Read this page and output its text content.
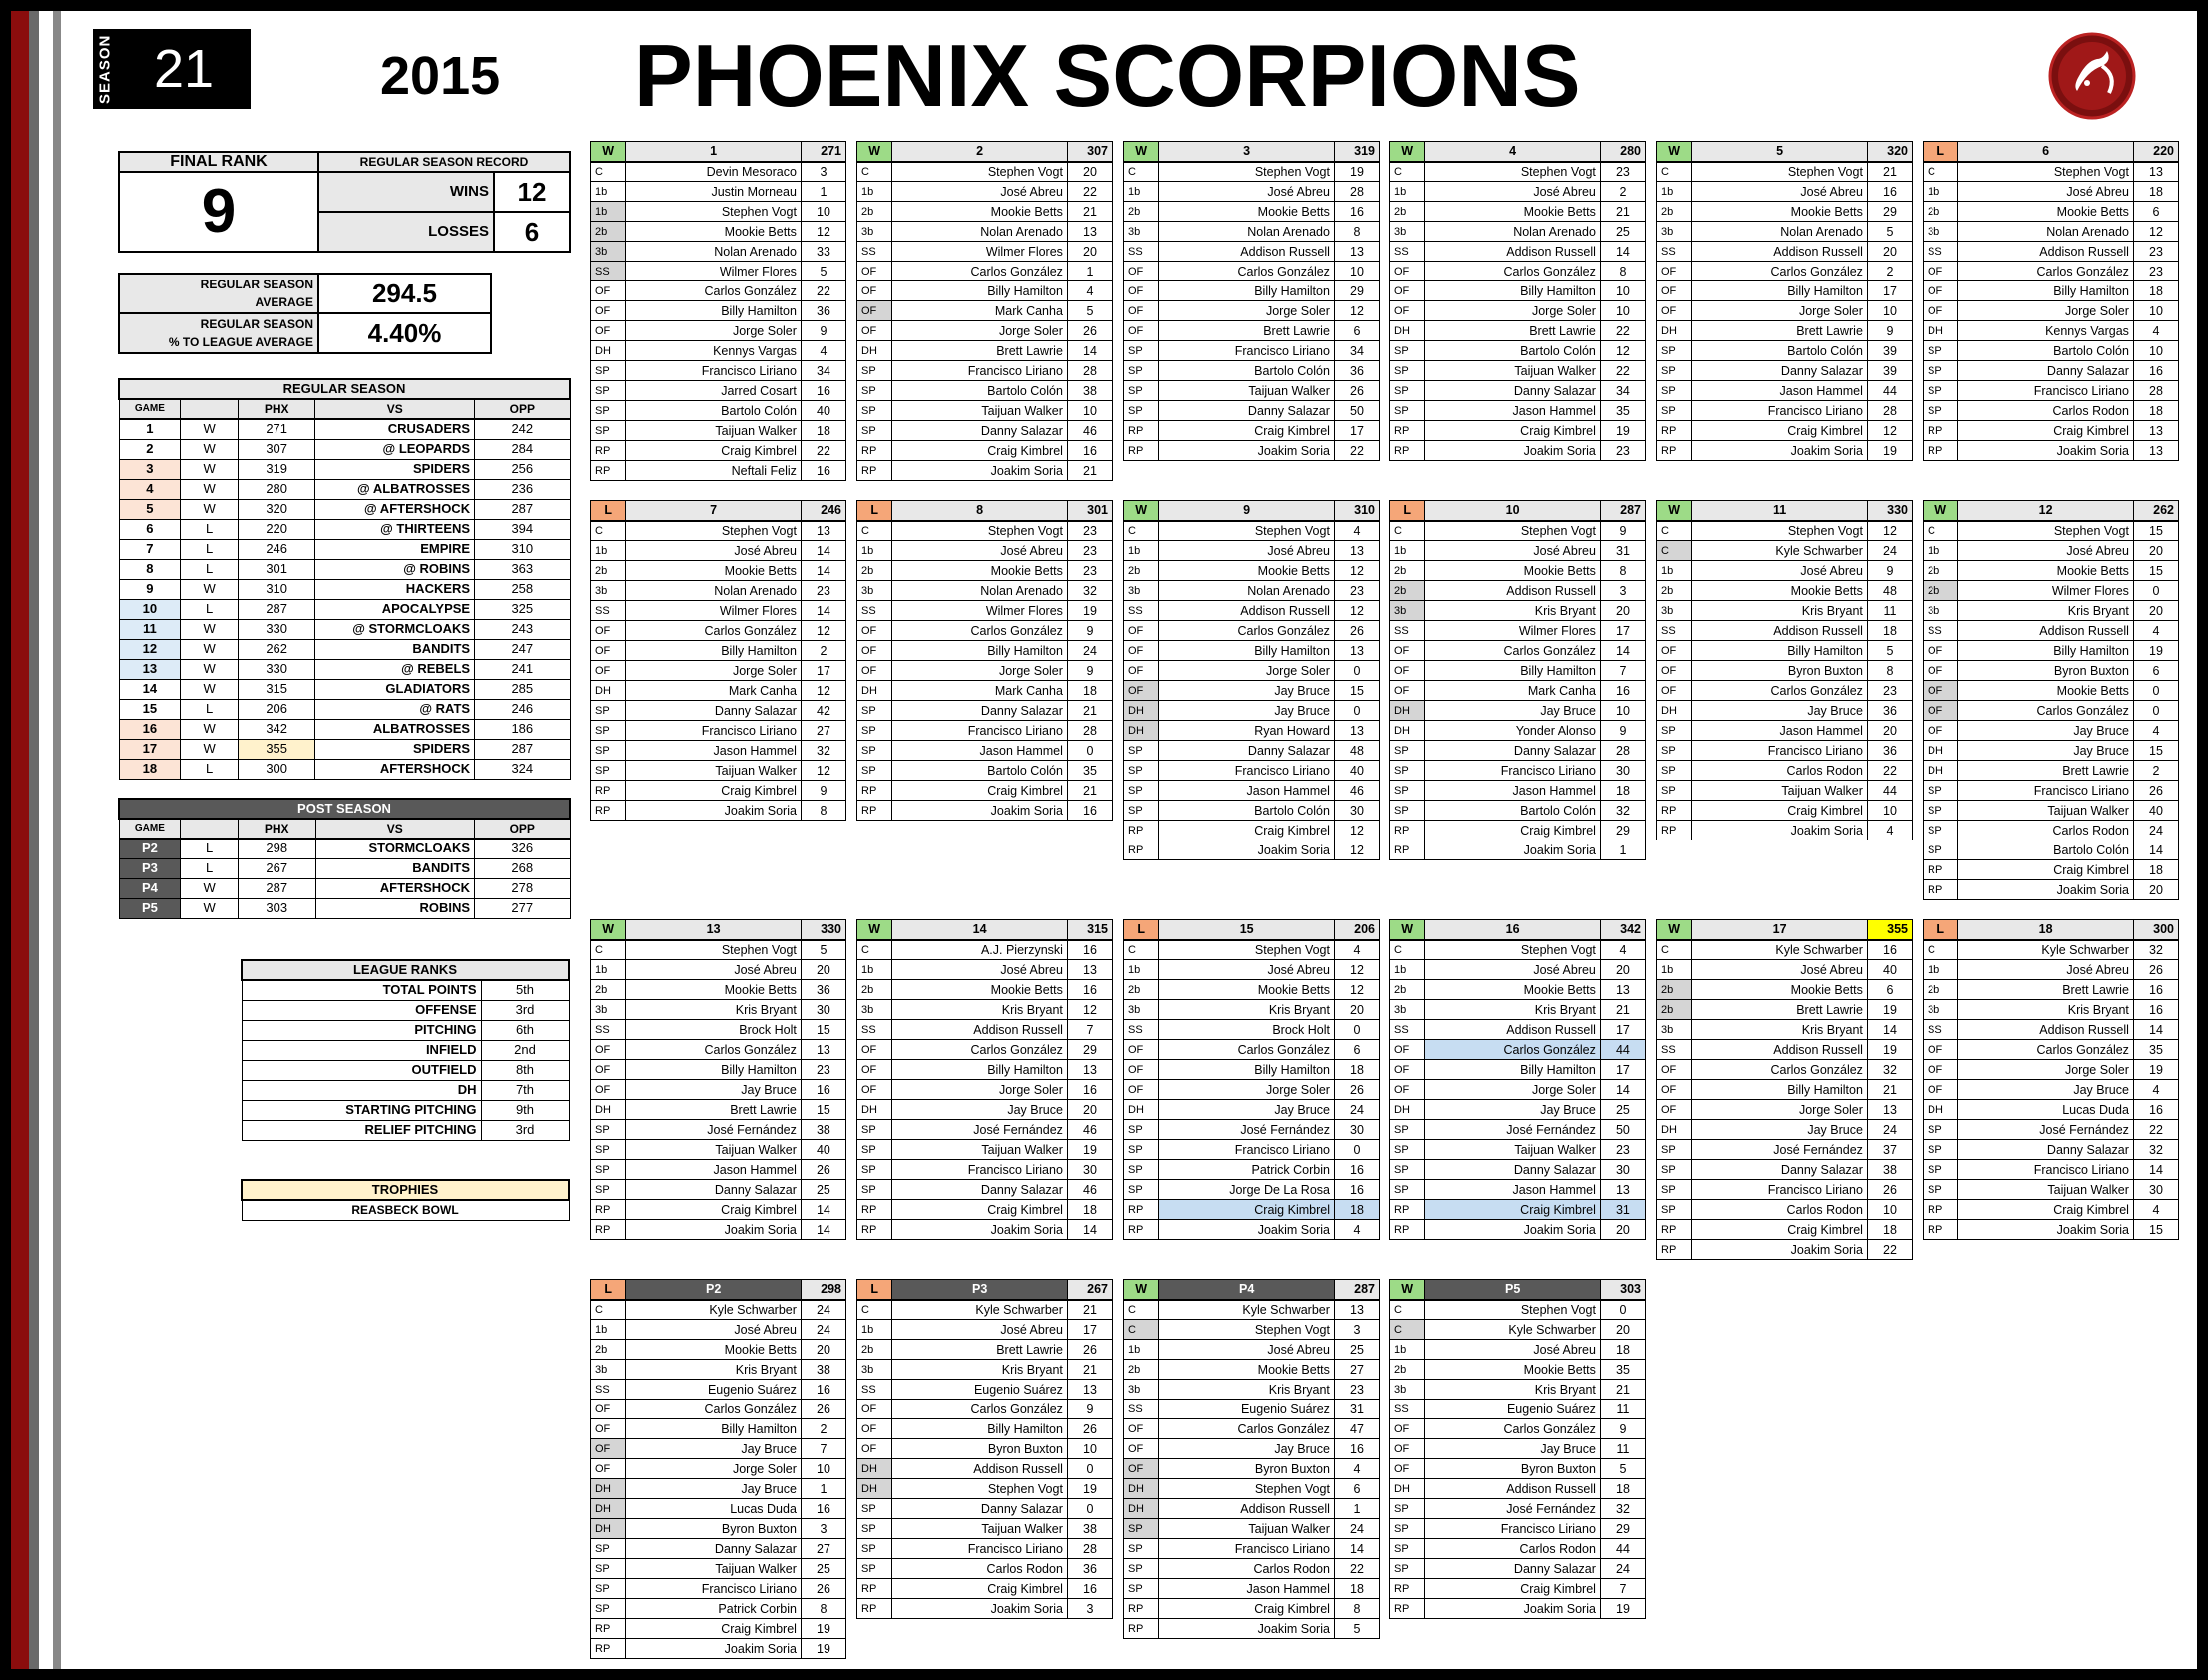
SEASON 21	2015 PHOENIX SCORPIONS
FINAL RANK	REGULAR SEASON RECORD	
9	WINS	12
	LOSSES	6
REGULAR SEASON
AVERAGE	294.5
REGULAR SEASON
% TO LEAGUE AVERAGE	4.40%
REGULAR SEASON				
GAME		PHX	VS	OPP
1	W	271	CRUSADERS	242
2	W	307	@ LEOPARDS	284
3	W	319	SPIDERS	256
4	W	280	@ ALBATROSSES	236
5	W	320	@ AFTERSHOCK	287
6	L	220	@ THIRTEENS	394
7	L	246	EMPIRE	310
8	L	301	@ ROBINS	363
9	W	310	HACKERS	258
10	L	287	APOCALYPSE	325
11	W	330	@ STORMCLOAKS	243
12	W	262	BANDITS	247
13	W	330	@ REBELS	241
14	W	315	GLADIATORS	285
15	L	206	@ RATS	246
16	W	342	ALBATROSSES	186
17	W	355	SPIDERS	287
18	L	300	AFTERSHOCK	324
POST SEASON				
GAME		PHX	VS	OPP
P2	L	298	STORMCLOAKS	326
P3	L	267	BANDITS	268
P4	W	287	AFTERSHOCK	278
P5	W	303	ROBINS	277
LEAGUE RANKS	
TOTAL POINTS	5th
OFFENSE	3rd
PITCHING	6th
INFIELD	2nd
OUTFIELD	8th
DH	7th
STARTING PITCHING	9th
RELIEF PITCHING	3rd
TROPHIES
REASBECK BOWL
W	1	271
C	Devin Mesoraco	3
1b	Justin Morneau	1
1b	Stephen Vogt	10
2b	Mookie Betts	12
3b	Nolan Arenado	33
SS	Wilmer Flores	5
OF	Carlos González	22
OF	Billy Hamilton	36
OF	Jorge Soler	9
DH	Kennys Vargas	4
SP	Francisco Liriano	34
SP	Jarred Cosart	16
SP	Bartolo Colón	40
SP	Taijuan Walker	18
RP	Craig Kimbrel	22
RP	Neftali Feliz	16
W	2	307
C	Stephen Vogt	20
1b	José Abreu	22
2b	Mookie Betts	21
3b	Nolan Arenado	13
SS	Wilmer Flores	20
OF	Carlos González	1
OF	Billy Hamilton	4
OF	Mark Canha	5
OF	Jorge Soler	26
DH	Brett Lawrie	14
SP	Francisco Liriano	28
SP	Bartolo Colón	38
SP	Taijuan Walker	10
SP	Danny Salazar	46
RP	Craig Kimbrel	16
RP	Joakim Soria	21
W	3	319
C	Stephen Vogt	19
1b	José Abreu	28
2b	Mookie Betts	16
3b	Nolan Arenado	8
SS	Addison Russell	13
OF	Carlos González	10
OF	Billy Hamilton	29
OF	Jorge Soler	12
OF	Brett Lawrie	6
SP	Francisco Liriano	34
SP	Bartolo Colón	36
SP	Taijuan Walker	26
SP	Danny Salazar	50
RP	Craig Kimbrel	17
RP	Joakim Soria	22
W	4	280
C	Stephen Vogt	23
1b	José Abreu	2
2b	Mookie Betts	21
3b	Nolan Arenado	25
SS	Addison Russell	14
OF	Carlos González	8
OF	Billy Hamilton	10
OF	Jorge Soler	10
DH	Brett Lawrie	22
SP	Bartolo Colón	12
SP	Taijuan Walker	22
SP	Danny Salazar	34
SP	Jason Hammel	35
RP	Craig Kimbrel	19
RP	Joakim Soria	23
W	5	320
C	Stephen Vogt	21
1b	José Abreu	16
2b	Mookie Betts	29
3b	Nolan Arenado	5
SS	Addison Russell	20
OF	Carlos González	2
OF	Billy Hamilton	17
OF	Jorge Soler	10
DH	Brett Lawrie	9
SP	Bartolo Colón	39
SP	Danny Salazar	39
SP	Jason Hammel	44
SP	Francisco Liriano	28
RP	Craig Kimbrel	12
RP	Joakim Soria	19
L	6	220
C	Stephen Vogt	13
1b	José Abreu	18
2b	Mookie Betts	6
3b	Nolan Arenado	12
SS	Addison Russell	23
OF	Carlos González	23
OF	Billy Hamilton	18
OF	Jorge Soler	10
DH	Kennys Vargas	4
SP	Bartolo Colón	10
SP	Danny Salazar	16
SP	Francisco Liriano	28
SP	Carlos Rodon	18
RP	Craig Kimbrel	13
RP	Joakim Soria	13
L	7	246
C	Stephen Vogt	13
1b	José Abreu	14
2b	Mookie Betts	14
3b	Nolan Arenado	23
SS	Wilmer Flores	14
OF	Carlos González	12
OF	Billy Hamilton	2
OF	Jorge Soler	17
DH	Mark Canha	12
SP	Danny Salazar	42
SP	Francisco Liriano	27
SP	Jason Hammel	32
SP	Taijuan Walker	12
RP	Craig Kimbrel	9
RP	Joakim Soria	8
L	8	301
C	Stephen Vogt	23
1b	José Abreu	23
2b	Mookie Betts	23
3b	Nolan Arenado	32
SS	Wilmer Flores	19
OF	Carlos González	9
OF	Billy Hamilton	24
OF	Jorge Soler	9
DH	Mark Canha	18
SP	Danny Salazar	21
SP	Francisco Liriano	28
SP	Jason Hammel	0
SP	Bartolo Colón	35
RP	Craig Kimbrel	21
RP	Joakim Soria	16
W	9	310
C	Stephen Vogt	4
1b	José Abreu	13
2b	Mookie Betts	12
3b	Nolan Arenado	23
SS	Addison Russell	12
OF	Carlos González	26
OF	Billy Hamilton	13
OF	Jorge Soler	0
OF	Jay Bruce	15
DH	Jay Bruce	0
DH	Ryan Howard	13
SP	Danny Salazar	48
SP	Francisco Liriano	40
SP	Jason Hammel	46
SP	Bartolo Colón	30
RP	Craig Kimbrel	12
RP	Joakim Soria	12
L	10	287
C	Stephen Vogt	9
1b	José Abreu	31
2b	Mookie Betts	8
2b	Addison Russell	3
3b	Kris Bryant	20
SS	Wilmer Flores	17
OF	Carlos González	14
OF	Billy Hamilton	7
OF	Mark Canha	16
DH	Jay Bruce	10
DH	Yonder Alonso	9
SP	Danny Salazar	28
SP	Francisco Liriano	30
SP	Jason Hammel	18
SP	Bartolo Colón	32
RP	Craig Kimbrel	29
RP	Joakim Soria	1
W	11	330
C	Stephen Vogt	12
C	Kyle Schwarber	24
1b	José Abreu	9
2b	Mookie Betts	48
3b	Kris Bryant	11
SS	Addison Russell	18
OF	Billy Hamilton	5
OF	Byron Buxton	8
OF	Carlos González	23
DH	Jay Bruce	36
SP	Jason Hammel	20
SP	Francisco Liriano	36
SP	Carlos Rodon	22
SP	Taijuan Walker	44
RP	Craig Kimbrel	10
RP	Joakim Soria	4
W	12	262
C	Stephen Vogt	15
1b	José Abreu	20
2b	Mookie Betts	15
2b	Wilmer Flores	0
3b	Kris Bryant	20
SS	Addison Russell	4
OF	Billy Hamilton	19
OF	Byron Buxton	6
OF	Mookie Betts	0
OF	Carlos González	0
OF	Jay Bruce	4
DH	Jay Bruce	15
DH	Brett Lawrie	2
SP	Francisco Liriano	26
SP	Taijuan Walker	40
SP	Carlos Rodon	24
SP	Bartolo Colón	14
RP	Craig Kimbrel	18
RP	Joakim Soria	20
W	13	330
C	Stephen Vogt	5
1b	José Abreu	20
2b	Mookie Betts	36
3b	Kris Bryant	30
SS	Brock Holt	15
OF	Carlos González	13
OF	Billy Hamilton	23
OF	Jay Bruce	16
DH	Brett Lawrie	15
SP	José Fernández	38
SP	Taijuan Walker	40
SP	Jason Hammel	26
SP	Danny Salazar	25
RP	Craig Kimbrel	14
RP	Joakim Soria	14
W	14	315
C	A.J. Pierzynski	16
1b	José Abreu	13
2b	Mookie Betts	16
3b	Kris Bryant	12
SS	Addison Russell	7
OF	Carlos González	29
OF	Billy Hamilton	13
OF	Jorge Soler	16
DH	Jay Bruce	20
SP	José Fernández	46
SP	Taijuan Walker	19
SP	Francisco Liriano	30
SP	Danny Salazar	46
RP	Craig Kimbrel	18
RP	Joakim Soria	14
L	15	206
C	Stephen Vogt	4
1b	José Abreu	12
2b	Mookie Betts	12
3b	Kris Bryant	20
SS	Brock Holt	0
OF	Carlos González	6
OF	Billy Hamilton	18
OF	Jorge Soler	26
DH	Jay Bruce	24
SP	José Fernández	30
SP	Francisco Liriano	0
SP	Patrick Corbin	16
SP	Jorge De La Rosa	16
RP	Craig Kimbrel	18
RP	Joakim Soria	4
W	16	342
C	Stephen Vogt	4
1b	José Abreu	20
2b	Mookie Betts	13
3b	Kris Bryant	21
SS	Addison Russell	17
OF	Carlos González	44
OF	Billy Hamilton	17
OF	Jorge Soler	14
DH	Jay Bruce	25
SP	José Fernández	50
SP	Taijuan Walker	23
SP	Danny Salazar	30
SP	Jason Hammel	13
RP	Craig Kimbrel	31
RP	Joakim Soria	20
W	17	355
C	Kyle Schwarber	16
1b	José Abreu	40
2b	Mookie Betts	6
2b	Brett Lawrie	19
3b	Kris Bryant	14
SS	Addison Russell	19
OF	Carlos González	32
OF	Billy Hamilton	21
OF	Jorge Soler	13
DH	Jay Bruce	24
SP	José Fernández	37
SP	Danny Salazar	38
SP	Francisco Liriano	26
SP	Carlos Rodon	10
RP	Craig Kimbrel	18
RP	Joakim Soria	22
L	18	300
C	Kyle Schwarber	32
1b	José Abreu	26
2b	Brett Lawrie	16
3b	Kris Bryant	16
SS	Addison Russell	14
OF	Carlos González	35
OF	Jorge Soler	19
OF	Jay Bruce	4
DH	Lucas Duda	16
SP	José Fernández	22
SP	Danny Salazar	32
SP	Francisco Liriano	14
SP	Taijuan Walker	30
RP	Craig Kimbrel	4
RP	Joakim Soria	15
L	P2	298
C	Kyle Schwarber	24
1b	José Abreu	24
2b	Mookie Betts	20
3b	Kris Bryant	38
SS	Eugenio Suárez	16
OF	Carlos González	26
OF	Billy Hamilton	2
OF	Jay Bruce	7
OF	Jorge Soler	10
DH	Jay Bruce	1
DH	Lucas Duda	16
DH	Byron Buxton	3
SP	Danny Salazar	27
SP	Taijuan Walker	25
SP	Francisco Liriano	26
SP	Patrick Corbin	8
RP	Craig Kimbrel	19
RP	Joakim Soria	19
L	P3	267
C	Kyle Schwarber	21
1b	José Abreu	17
2b	Brett Lawrie	26
3b	Kris Bryant	21
SS	Eugenio Suárez	13
OF	Carlos González	9
OF	Billy Hamilton	26
OF	Byron Buxton	10
DH	Addison Russell	0
DH	Stephen Vogt	19
SP	Danny Salazar	0
SP	Taijuan Walker	38
SP	Francisco Liriano	28
SP	Carlos Rodon	36
RP	Craig Kimbrel	16
RP	Joakim Soria	3
W	P4	287
C	Kyle Schwarber	13
C	Stephen Vogt	3
1b	José Abreu	25
2b	Mookie Betts	27
3b	Kris Bryant	23
SS	Eugenio Suárez	31
OF	Carlos González	47
OF	Jay Bruce	16
OF	Byron Buxton	4
DH	Stephen Vogt	6
DH	Addison Russell	1
SP	Taijuan Walker	24
SP	Francisco Liriano	14
SP	Carlos Rodon	22
SP	Jason Hammel	18
RP	Craig Kimbrel	8
RP	Joakim Soria	5
W	P5	303
C	Stephen Vogt	0
C	Kyle Schwarber	20
1b	José Abreu	18
2b	Mookie Betts	35
3b	Kris Bryant	21
SS	Eugenio Suárez	11
OF	Carlos González	9
OF	Jay Bruce	11
OF	Byron Buxton	5
DH	Addison Russell	18
SP	José Fernández	32
SP	Francisco Liriano	29
SP	Carlos Rodon	44
SP	Danny Salazar	24
RP	Craig Kimbrel	7
RP	Joakim Soria	19
